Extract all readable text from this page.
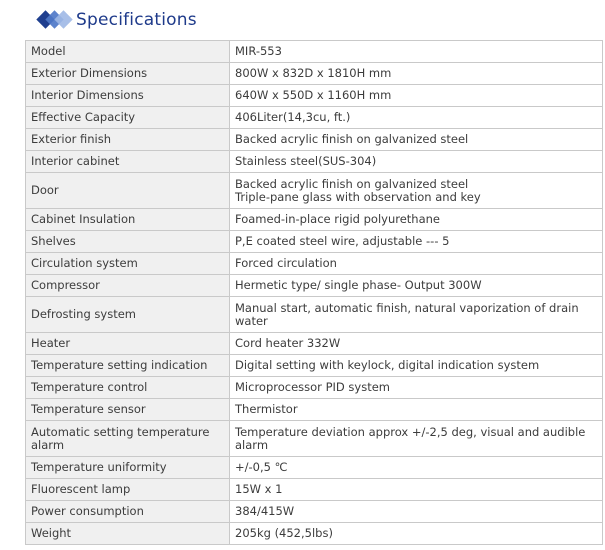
Specifications
Model	MIR-553
Exterior Dimensions	800W x 832D x 1810H mm
Interior Dimensions	640W x 550D x 1160H mm
Effective Capacity	406Liter(14,3cu, ft.)
Exterior finish	Backed acrylic finish on galvanized steel
Interior cabinet	Stainless steel(SUS-304)
Door	Backed acrylic finish on galvanized steel
Triple-pane glass with observation and key
Cabinet Insulation	Foamed-in-place rigid polyurethane
Shelves	P,E coated steel wire, adjustable --- 5
Circulation system	Forced circulation
Compressor	Hermetic type/ single phase- Output 300W
Defrosting system	Manual start, automatic finish, natural vaporization of drain water
Heater	Cord heater 332W
Temperature setting indication	Digital setting with keylock, digital indication system
Temperature control	Microprocessor PID system
Temperature sensor	Thermistor
Automatic setting temperature alarm	Temperature deviation approx +/-2,5 deg, visual and audible alarm
Temperature uniformity	+/-0,5 ℃
Fluorescent lamp	15W x 1
Power consumption	384/415W
Weight	205kg (452,5lbs)
